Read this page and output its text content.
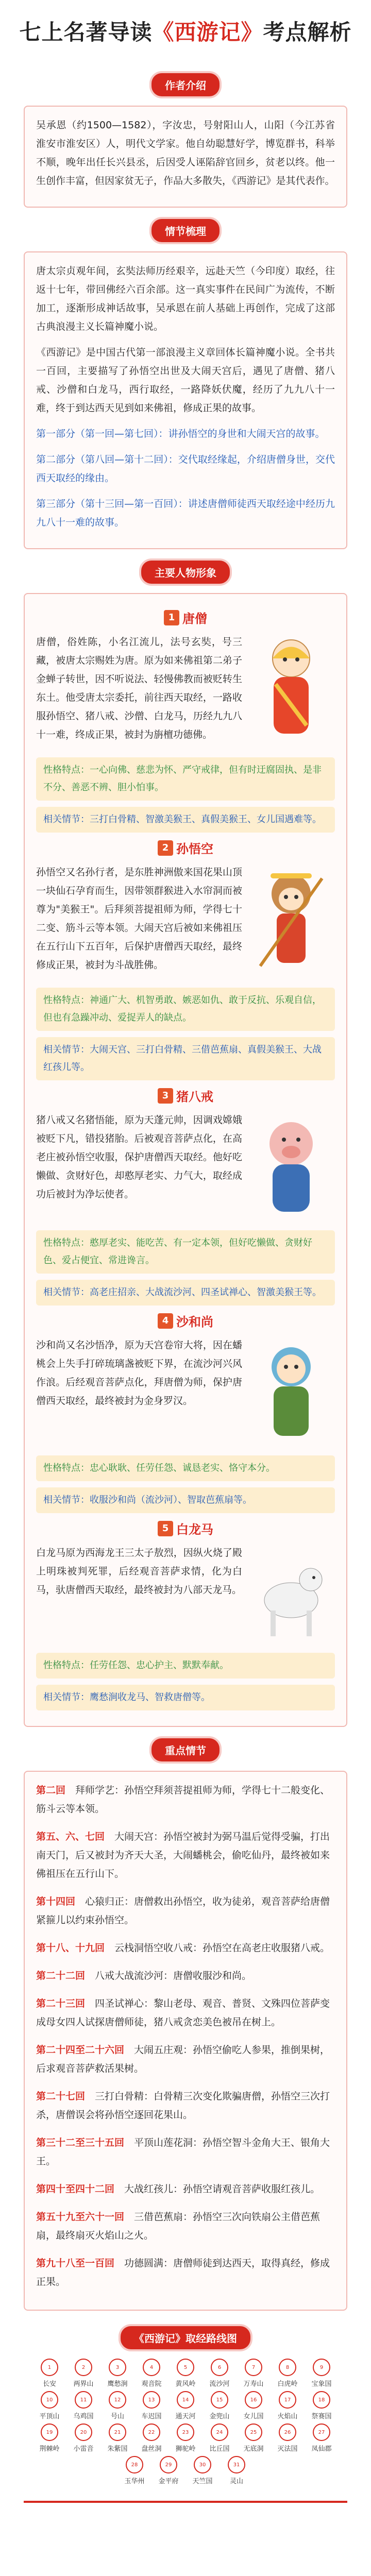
七上名著导读 《西游记》 考点解析
作者介绍

吴承恩（约1500—1582），字汝忠，号射阳山人，山阳（今江苏省淮安市淮安区）人，明代文学家。他自幼聪慧好学，博览群书，科举不顺，晚年出任长兴县丞，后因受人诬陷辞官回乡，贫老以终。他一生创作丰富，但因家贫无子，作品大多散失，《西游记》是其代表作。

情节梳理

唐太宗贞观年间，玄奘法师历经艰辛，远赴天竺（今印度）取经，往返十七年，带回佛经六百余部。这一真实事件在民间广为流传，不断加工，逐渐形成神话故事，吴承恩在前人基础上再创作，完成了这部古典浪漫主义长篇神魔小说。

《西游记》是中国古代第一部浪漫主义章回体长篇神魔小说。全书共一百回，主要描写了孙悟空出世及大闹天宫后，遇见了唐僧、猪八戒、沙僧和白龙马，西行取经，一路降妖伏魔，经历了九九八十一难，终于到达西天见到如来佛祖，修成正果的故事。

第一部分（第一回—第七回）：讲孙悟空的身世和大闹天宫的故事。

第二部分（第八回—第十二回）：交代取经缘起，介绍唐僧身世，交代西天取经的缘由。

第三部分（第十三回—第一百回）：讲述唐僧师徒西天取经途中经历九九八十一难的故事。

主要人物形象
1 唐僧

唐僧，俗姓陈，小名江流儿，法号玄奘，号三藏，被唐太宗赐姓为唐。原为如来佛祖第二弟子金蝉子转世，因不听说法、轻慢佛教而被贬转生东土。他受唐太宗委托，前往西天取经，一路收服孙悟空、猪八戒、沙僧、白龙马，历经九九八十一难，终成正果，被封为旃檀功德佛。

性格特点：一心向佛、慈悲为怀、严守戒律，但有时迂腐固执、是非不分、善恶不辨、胆小怕事。
相关情节：三打白骨精、智激美猴王、真假美猴王、女儿国遇难等。
2 孙悟空

孙悟空又名孙行者，是东胜神洲傲来国花果山顶一块仙石孕育而生，因带领群猴进入水帘洞而被尊为"美猴王"。后拜须菩提祖师为师，学得七十二变、筋斗云等本领。大闹天宫后被如来佛祖压在五行山下五百年，后保护唐僧西天取经，最终修成正果，被封为斗战胜佛。

性格特点：神通广大、机智勇敢、嫉恶如仇、敢于反抗、乐观自信，但也有急躁冲动、爱捉弄人的缺点。
相关情节：大闹天宫、三打白骨精、三借芭蕉扇、真假美猴王、大战红孩儿等。
3 猪八戒

猪八戒又名猪悟能，原为天蓬元帅，因调戏嫦娥被贬下凡，错投猪胎。后被观音菩萨点化，在高老庄被孙悟空收服，保护唐僧西天取经。他好吃懒做、贪财好色，却憨厚老实、力气大，取经成功后被封为净坛使者。

性格特点：憨厚老实、能吃苦、有一定本领，但好吃懒做、贪财好色、爱占便宜、常进谗言。
相关情节：高老庄招亲、大战流沙河、四圣试禅心、智激美猴王等。
4 沙和尚

沙和尚又名沙悟净，原为天宫卷帘大将，因在蟠桃会上失手打碎琉璃盏被贬下界，在流沙河兴风作浪。后经观音菩萨点化，拜唐僧为师，保护唐僧西天取经，最终被封为金身罗汉。

性格特点：忠心耿耿、任劳任怨、诚恳老实、恪守本分。
相关情节：收服沙和尚（流沙河）、智取芭蕉扇等。
5 白龙马

白龙马原为西海龙王三太子敖烈，因纵火烧了殿上明珠被判死罪，后经观音菩萨求情，化为白马，驮唐僧西天取经，最终被封为八部天龙马。

性格特点：任劳任怨、忠心护主、默默奉献。
相关情节：鹰愁涧收龙马、智救唐僧等。
重点情节
第二回　拜师学艺：孙悟空拜须菩提祖师为师，学得七十二般变化、筋斗云等本领。
第五、六、七回　大闹天宫：孙悟空被封为弼马温后觉得受骗，打出南天门，后又被封为齐天大圣，大闹蟠桃会，偷吃仙丹，最终被如来佛祖压在五行山下。
第十四回　心猿归正：唐僧救出孙悟空，收为徒弟，观音菩萨给唐僧紧箍儿以约束孙悟空。
第十八、十九回　云栈洞悟空收八戒：孙悟空在高老庄收服猪八戒。
第二十二回　八戒大战流沙河：唐僧收服沙和尚。
第二十三回　四圣试禅心：黎山老母、观音、普贤、文殊四位菩萨变成母女四人试探唐僧师徒，猪八戒贪恋美色被吊在树上。
第二十四至二十六回　大闹五庄观：孙悟空偷吃人参果，推倒果树，后求观音菩萨救活果树。
第二十七回　三打白骨精：白骨精三次变化欺骗唐僧，孙悟空三次打杀，唐僧误会将孙悟空逐回花果山。
第三十二至三十五回　平顶山莲花洞：孙悟空智斗金角大王、银角大王。
第四十至四十二回　大战红孩儿：孙悟空请观音菩萨收服红孩儿。
第五十九至六十一回　三借芭蕉扇：孙悟空三次向铁扇公主借芭蕉扇，最终扇灭火焰山之火。
第九十八至一百回　功德圆满：唐僧师徒到达西天，取得真经，修成正果。
《西游记》取经路线图
1
长安
2
两界山
3
鹰愁涧
4
观音院
5
黄风岭
6
流沙河
7
万寿山
8
白虎岭
9
宝象国
10
平顶山
11
乌鸡国
12
号山
13
车迟国
14
通天河
15
金兜山
16
女儿国
17
火焰山
18
祭赛国
19
荆棘岭
20
小雷音
21
朱紫国
22
盘丝洞
23
狮驼岭
24
比丘国
25
无底洞
26
灭法国
27
凤仙郡
28
玉华州
29
金平府
30
天竺国
31
灵山
